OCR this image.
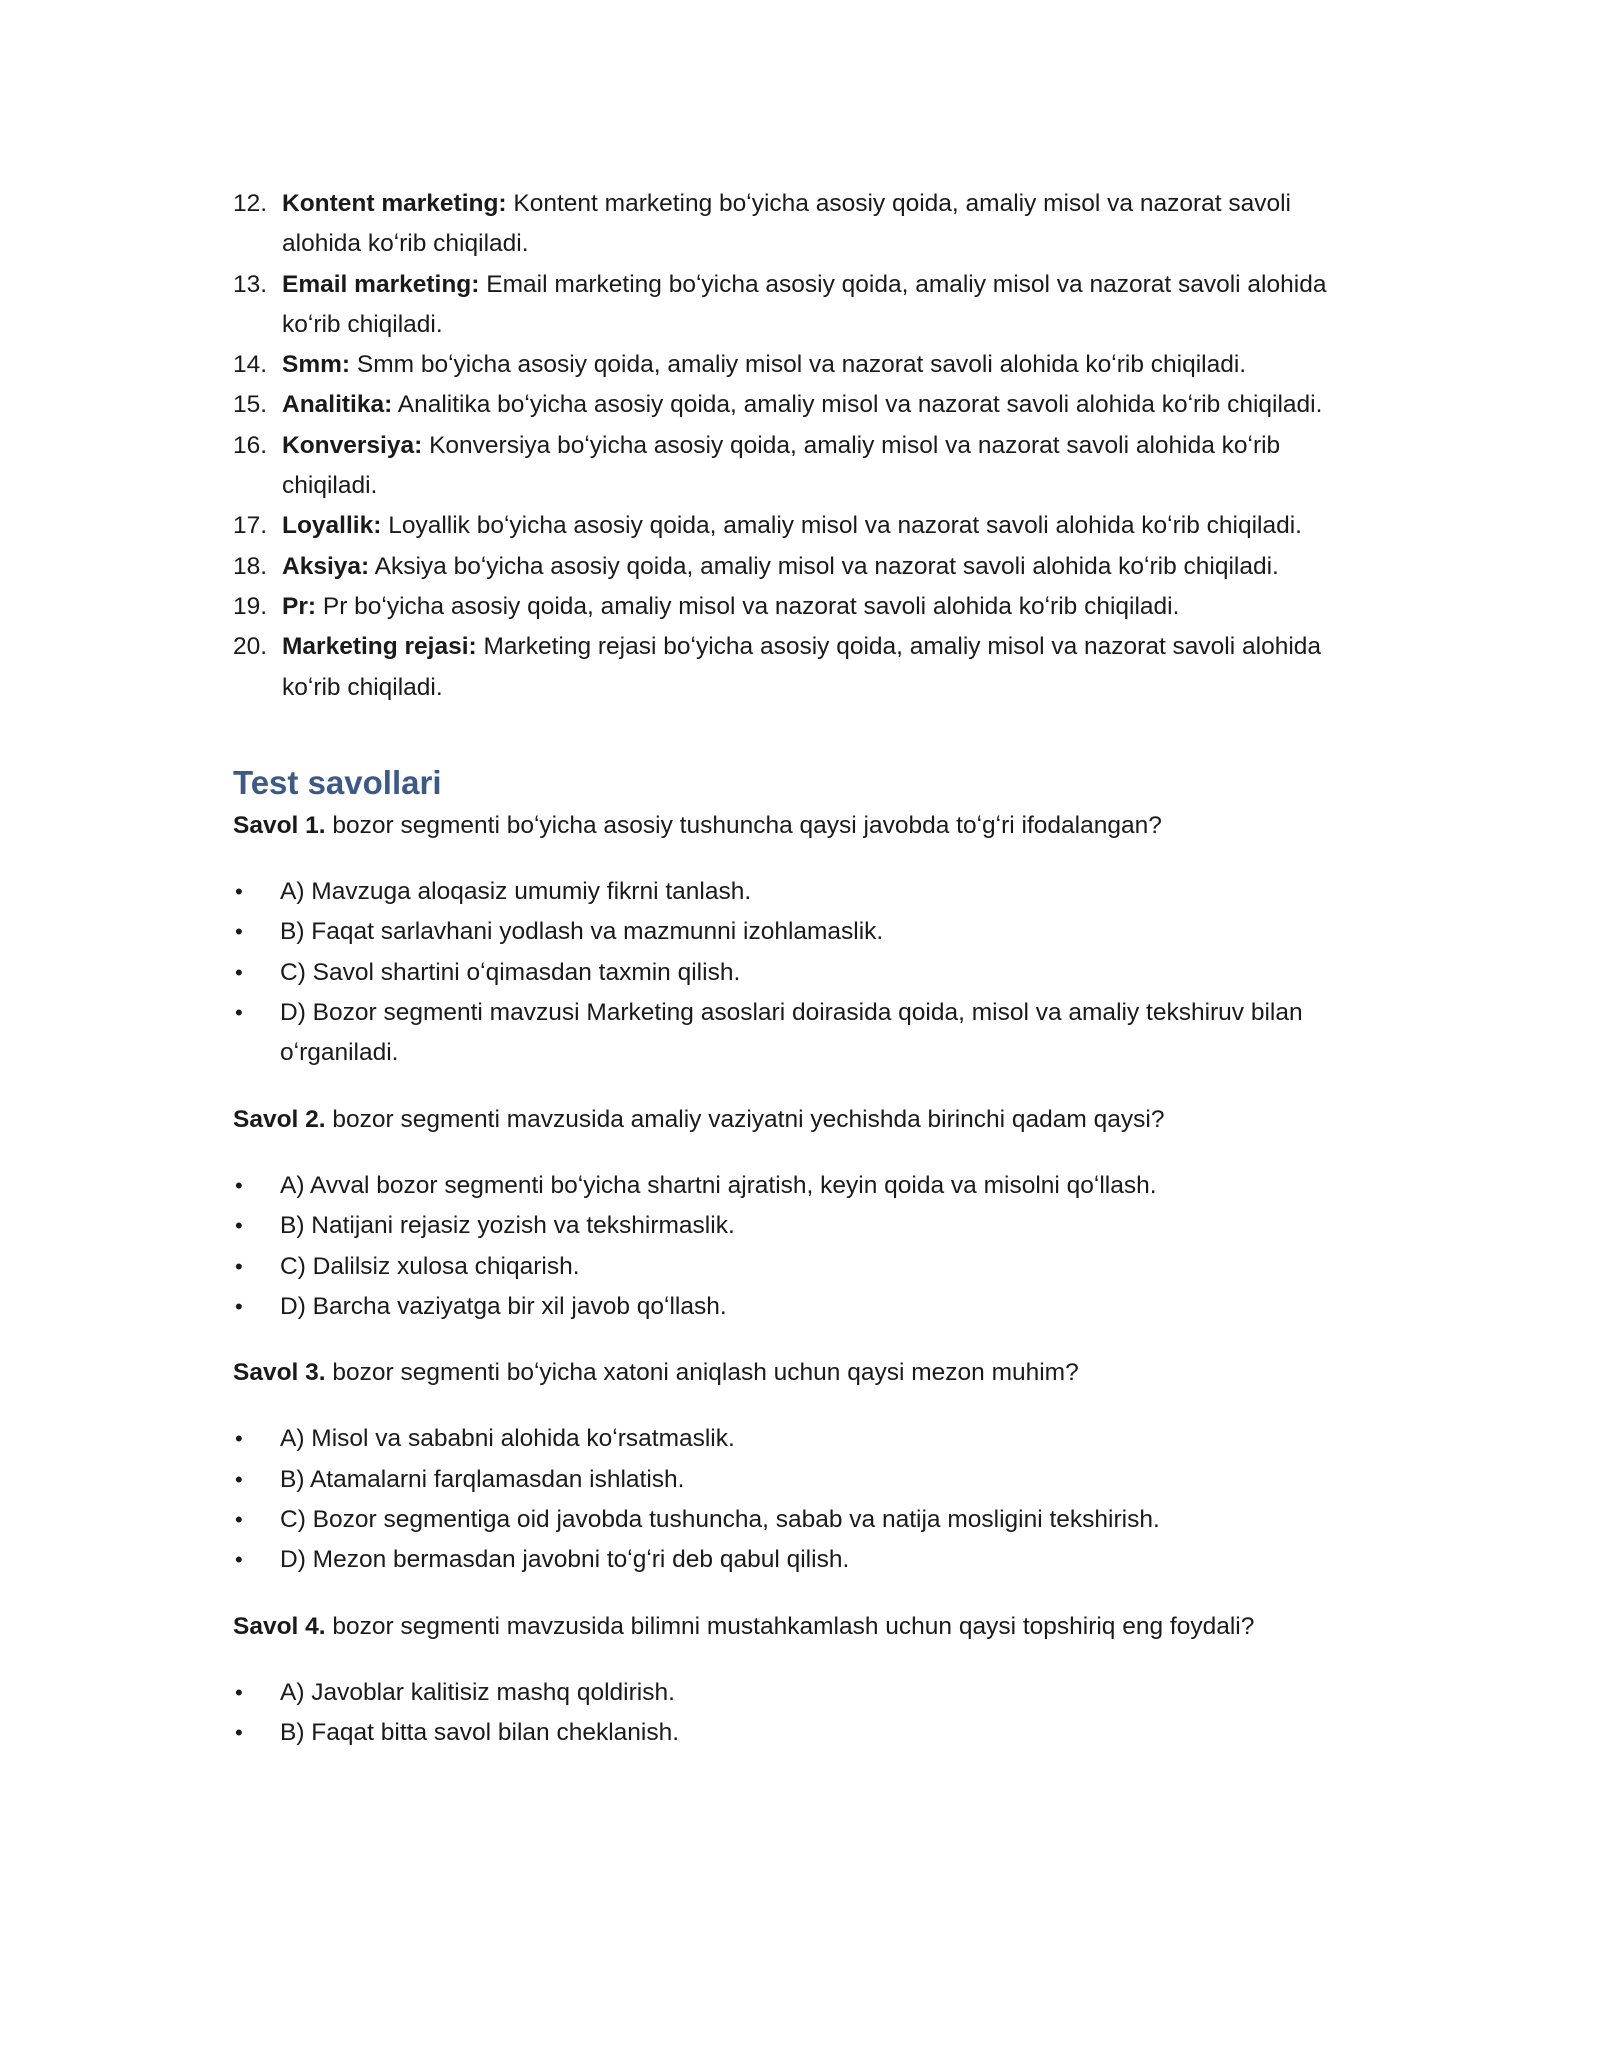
12. Kontent marketing: Kontent marketing boʻyicha asosiy qoida, amaliy misol va nazorat savoli alohida koʻrib chiqiladi.
13. Email marketing: Email marketing boʻyicha asosiy qoida, amaliy misol va nazorat savoli alohida koʻrib chiqiladi.
14. Smm: Smm boʻyicha asosiy qoida, amaliy misol va nazorat savoli alohida koʻrib chiqiladi.
15. Analitika: Analitika boʻyicha asosiy qoida, amaliy misol va nazorat savoli alohida koʻrib chiqiladi.
16. Konversiya: Konversiya boʻyicha asosiy qoida, amaliy misol va nazorat savoli alohida koʻrib chiqiladi.
17. Loyallik: Loyallik boʻyicha asosiy qoida, amaliy misol va nazorat savoli alohida koʻrib chiqiladi.
18. Aksiya: Aksiya boʻyicha asosiy qoida, amaliy misol va nazorat savoli alohida koʻrib chiqiladi.
19. Pr: Pr boʻyicha asosiy qoida, amaliy misol va nazorat savoli alohida koʻrib chiqiladi.
20. Marketing rejasi: Marketing rejasi boʻyicha asosiy qoida, amaliy misol va nazorat savoli alohida koʻrib chiqiladi.
Test savollari

Savol 1. bozor segmenti boʻyicha asosiy tushuncha qaysi javobda toʻgʻri ifodalangan?

• A) Mavzuga aloqasiz umumiy fikrni tanlash.
• B) Faqat sarlavhani yodlash va mazmunni izohlamaslik.
• C) Savol shartini oʻqimasdan taxmin qilish.
• D) Bozor segmenti mavzusi Marketing asoslari doirasida qoida, misol va amaliy tekshiruv bilan oʻrganiladi.

Savol 2. bozor segmenti mavzusida amaliy vaziyatni yechishda birinchi qadam qaysi?

• A) Avval bozor segmenti boʻyicha shartni ajratish, keyin qoida va misolni qoʻllash.
• B) Natijani rejasiz yozish va tekshirmaslik.
• C) Dalilsiz xulosa chiqarish.
• D) Barcha vaziyatga bir xil javob qoʻllash.

Savol 3. bozor segmenti boʻyicha xatoni aniqlash uchun qaysi mezon muhim?

• A) Misol va sababni alohida koʻrsatmaslik.
• B) Atamalarni farqlamasdan ishlatish.
• C) Bozor segmentiga oid javobda tushuncha, sabab va natija mosligini tekshirish.
• D) Mezon bermasdan javobni toʻgʻri deb qabul qilish.

Savol 4. bozor segmenti mavzusida bilimni mustahkamlash uchun qaysi topshiriq eng foydali?

• A) Javoblar kalitisiz mashq qoldirish.
• B) Faqat bitta savol bilan cheklanish.
